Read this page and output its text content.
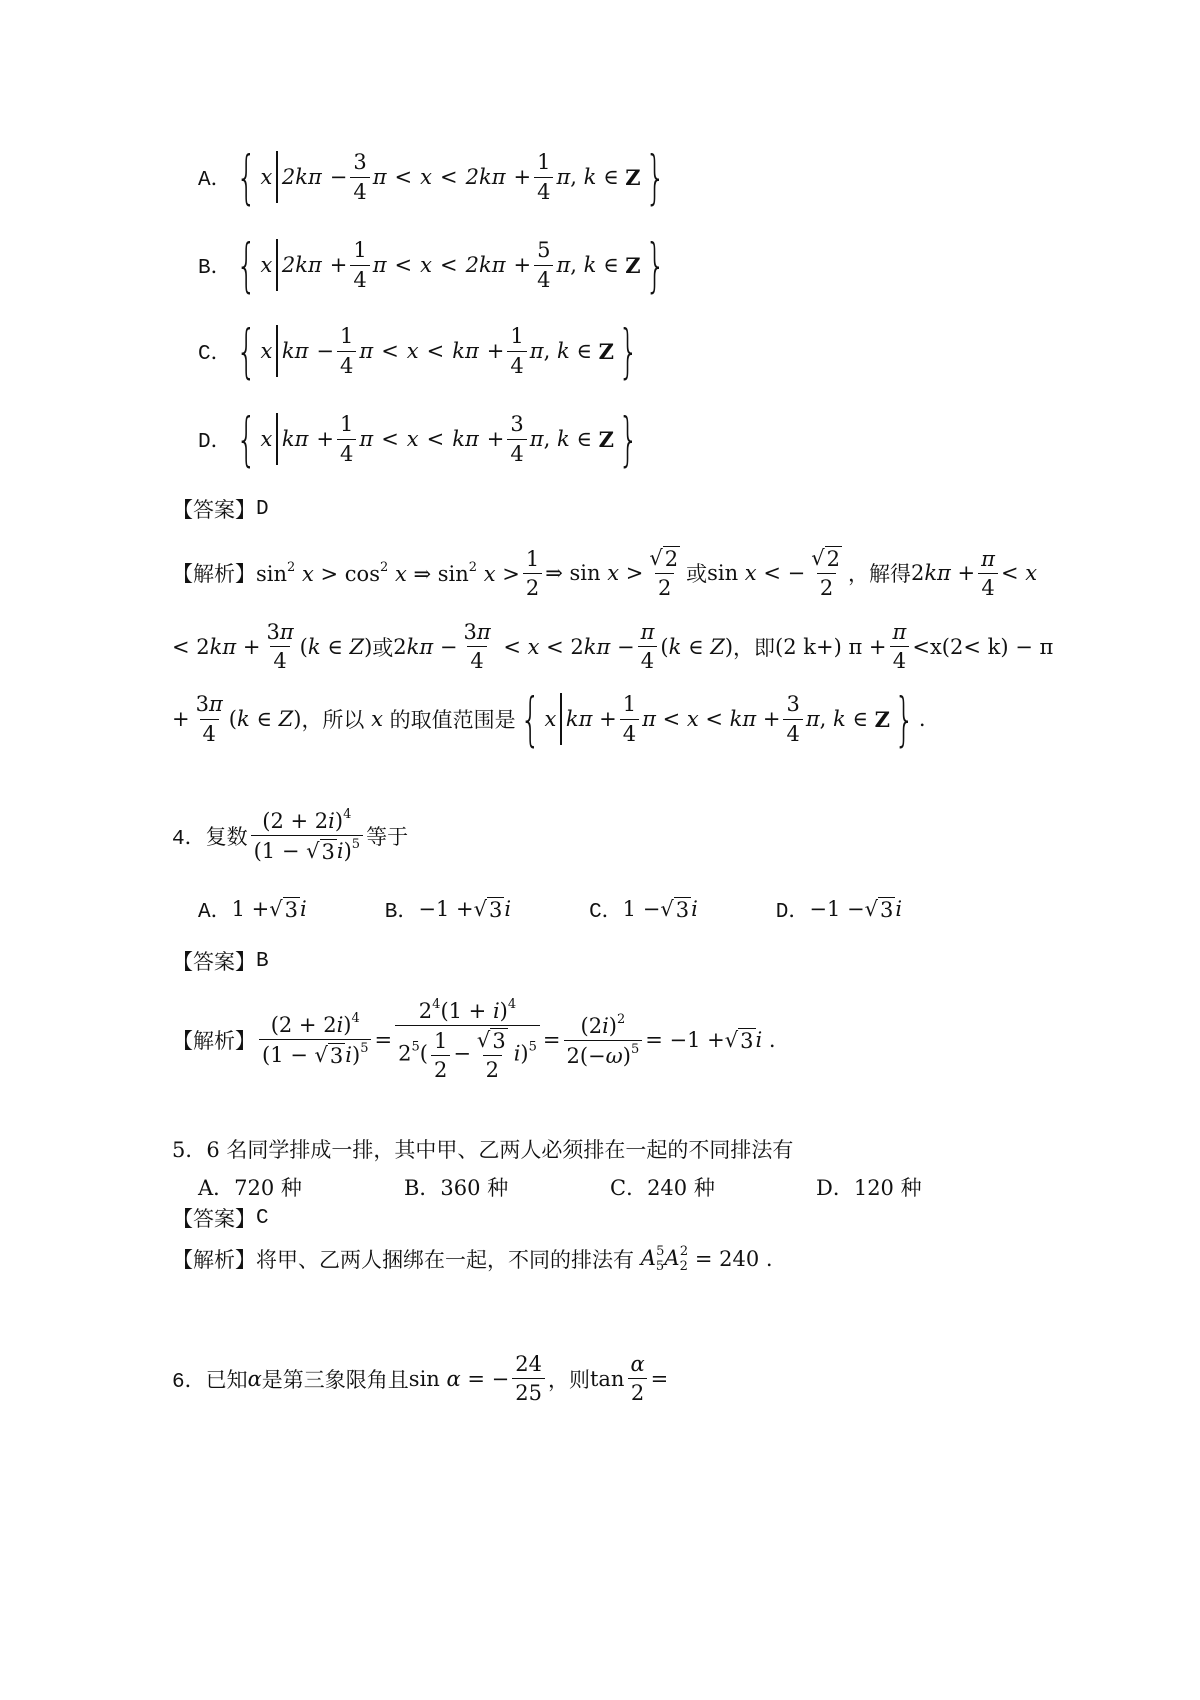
A． { x $2k\pi - \frac{3}{4}$ $\pi < x < 2k\pi + \frac{1}{4}$ π , k ∈ Z }
B． { x $2k\pi + \frac{1}{4}$ $\pi < x < 2k\pi + \frac{5}{4}$ π , k ∈ Z }
C． { x $k\pi - \frac{1}{4}$ $\pi < x < k\pi + \frac{1}{4}$ π , k ∈ Z }
D． { x $k\pi + \frac{1}{4}$ $\pi < x < k\pi + \frac{3}{4}$ π , k ∈ Z }
【答案】 D
【解析】 $\sin^2 x > \cos^2 x$ ⇒ $\sin^2 x > \frac{1}{2}$ ⇒ $\sin x > \frac{√ 2}{2}$ 或 sin x < − $\frac{√ 2}{2}$ ，解得 $2k\pi + \frac{\pi}{4} < x$
< $2k\pi + \frac{3\pi}{4} (k$ ∈ Z) 或 $2k\pi - \frac{3\pi}{4} < x < 2k\pi - \frac{\pi}{4} (k$ ∈ Z) ，即 (2 k+) $\pi + \frac{\pi}{4} <x(2< k) - \pi$
+ $\frac{3\pi}{4} (k$ ∈ Z) ，所以 x 的取值范围是 { x $k\pi + \frac{1}{4}$ $\pi < x < k\pi + \frac{3}{4}$ π , k ∈ Z } .
4． 复数 $\frac{(2 + 2i)^4}{(1 - √ 3 i)^5}$ 等于
A． 1 + √ 3 i	B． −1 + √ 3 i	C． 1 − √ 3 i	D． −1 − √ 3 i
【答案】 B
【解析】 $\frac{(2 + 2i)^4}{(1 - √ 3 i)^5} = \frac{2^4(1 + i)^4}{2^5( \frac{1}{2} - \frac{√ 3}{2} i)^5} = \frac{(2i)^2}{2(-\omega)^5} = -1$ + √ 3 i .
5．6 名同学排成一排，其中甲、乙两人必须排在一起的不同排法有
A．720 种	B．360 种	C．240 种	D．120 种
【答案】 C
【解析】 将甲、乙两人捆绑在一起，不同的排法有 $A_5^5A_2^2 = 240$ .
6． 已知 α 是第三象限角且 sin α = − $\frac{24}{25}$ ，则 $\tan \frac{\alpha}{2}$ =
